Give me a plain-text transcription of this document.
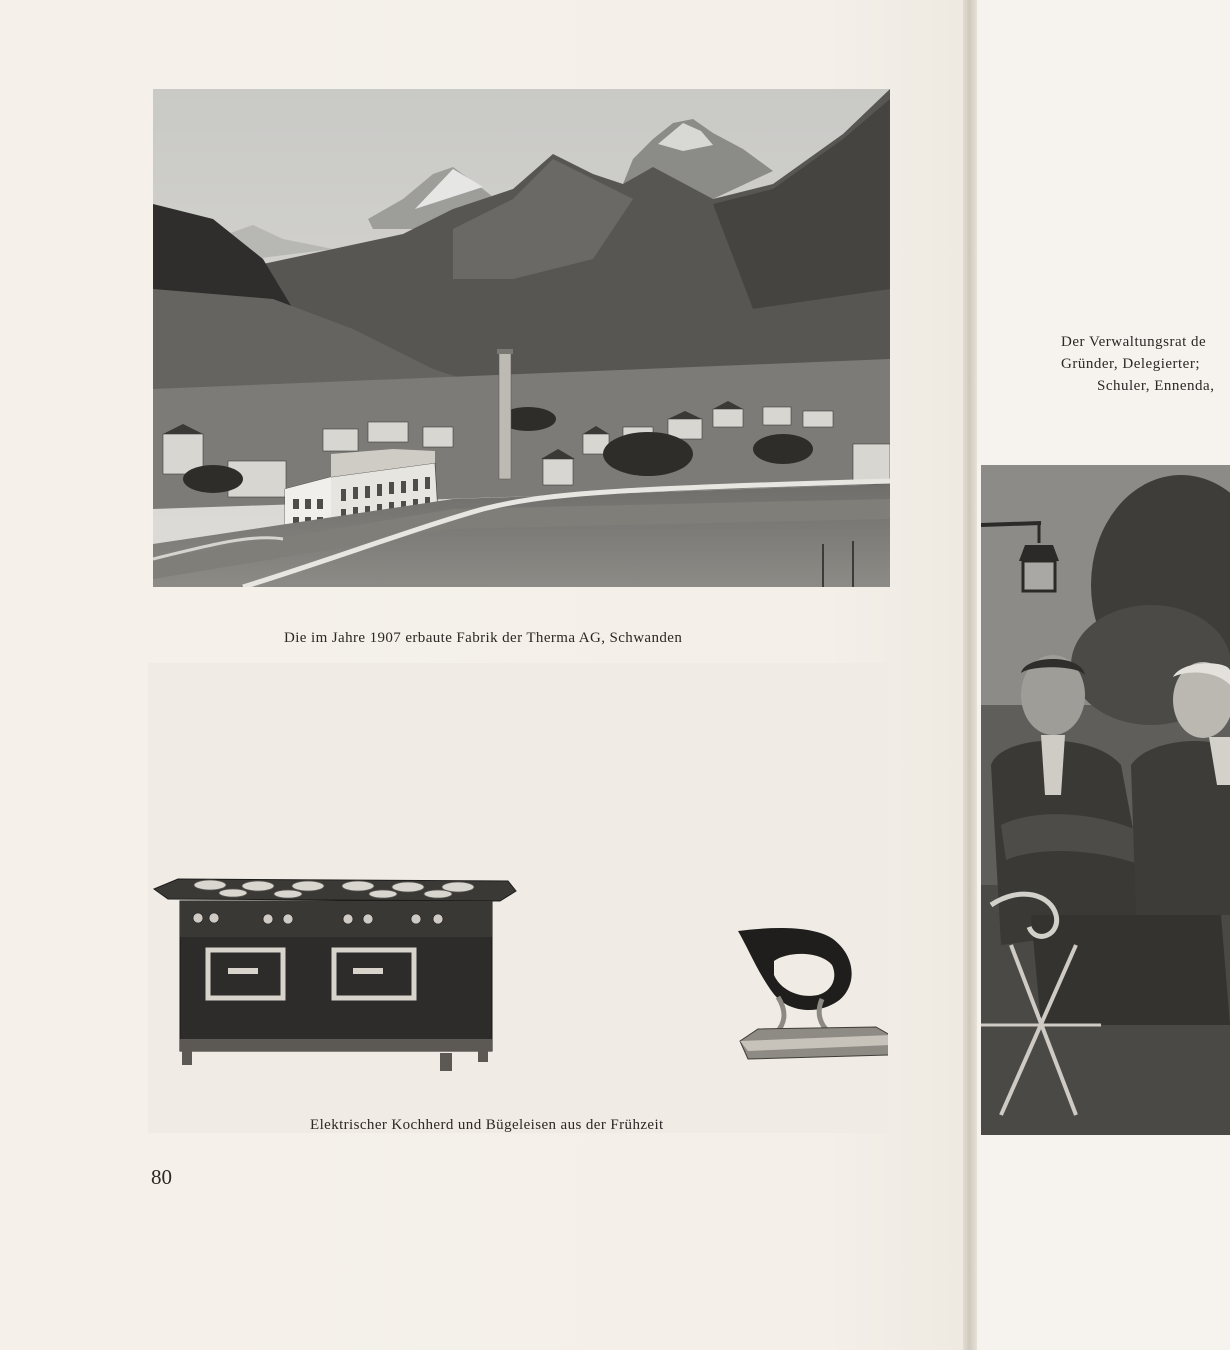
Die im Jahre 1907 erbaute Fabrik der Therma AG, Schwanden
Elektrischer Kochherd und Bügeleisen aus der Frühzeit
80
Der Verwaltungsrat de
Gründer, Delegierter;
Schuler, Ennenda,
